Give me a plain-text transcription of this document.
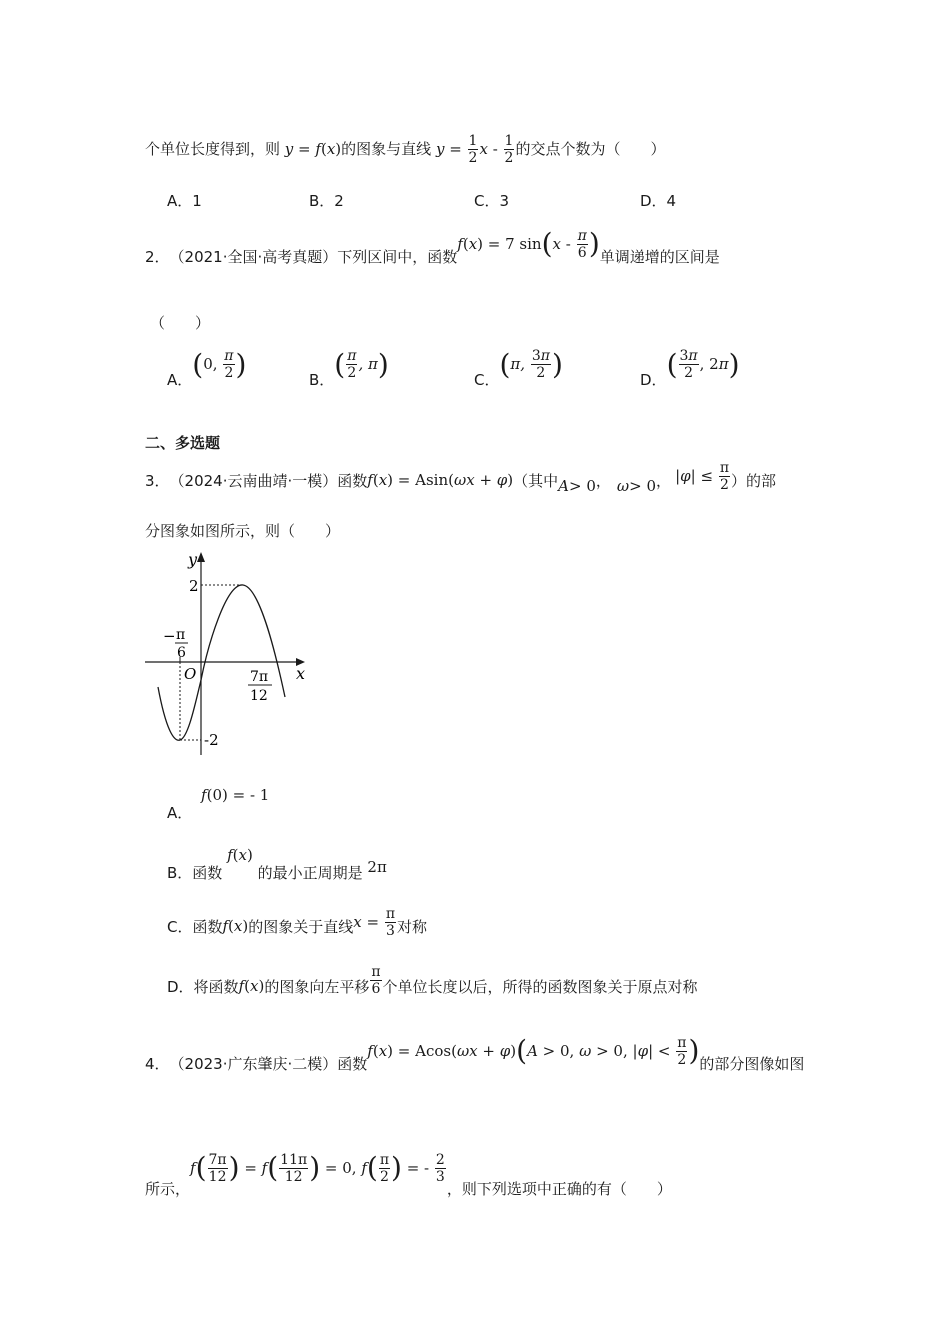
个单位长度得到，则 y = f(x)的图象与直线 $y = \frac{1}{2}$ x - $\frac{1}{2}$ 的交点个数为（　　）
A．1	B．2	C．3	D．4
2． （2021·全国·高考真题）下列区间中，函数
f(x) = 7 $\sin(x - \frac{\pi}{6}$ ) 单调递增的区间是
（　　）
A． (0, $\frac{\pi}{2}$ )	B． ( $\frac{\pi}{2}$ , π)	C． (π, $\frac{3\pi}{2}$ )	D． ( $\frac{3\pi}{2}$ , 2π)
二、多选题
3． （2024·云南曲靖·一模）函数 f(x) = Asin(ωx + φ) （其中 A > 0 ， ω > 0 ， $|\varphi| \le \frac{\pi}{2}$ ）的部
分图象如图所示，则（　　）
y
x
O
2
-2
− π
6
7π
12
A． f(0) = - 1
B．函数 f(x) 的最小正周期是 2π
C．函数 f(x) 的图象关于直线 $x = \frac{\pi}{3}$ 对称
D．将函数 f(x) 的图象向左平移 $\frac{\pi}{6}$ 个单位长度以后，所得的函数图象关于原点对称
4． （2023·广东肇庆·二模）函数
f(x) = Acos(ωx + φ)(A > 0, ω > 0, $|\varphi| < \frac{\pi}{2}$ ) 的部分图像如图
所示，
$f( \frac{7\pi}{12}$ ) = $f( \frac{11\pi}{12}$ ) = 0, $f( \frac{\pi}{2}$ ) = - $\frac{2}{3}$
，则下列选项中正确的有（　　）
